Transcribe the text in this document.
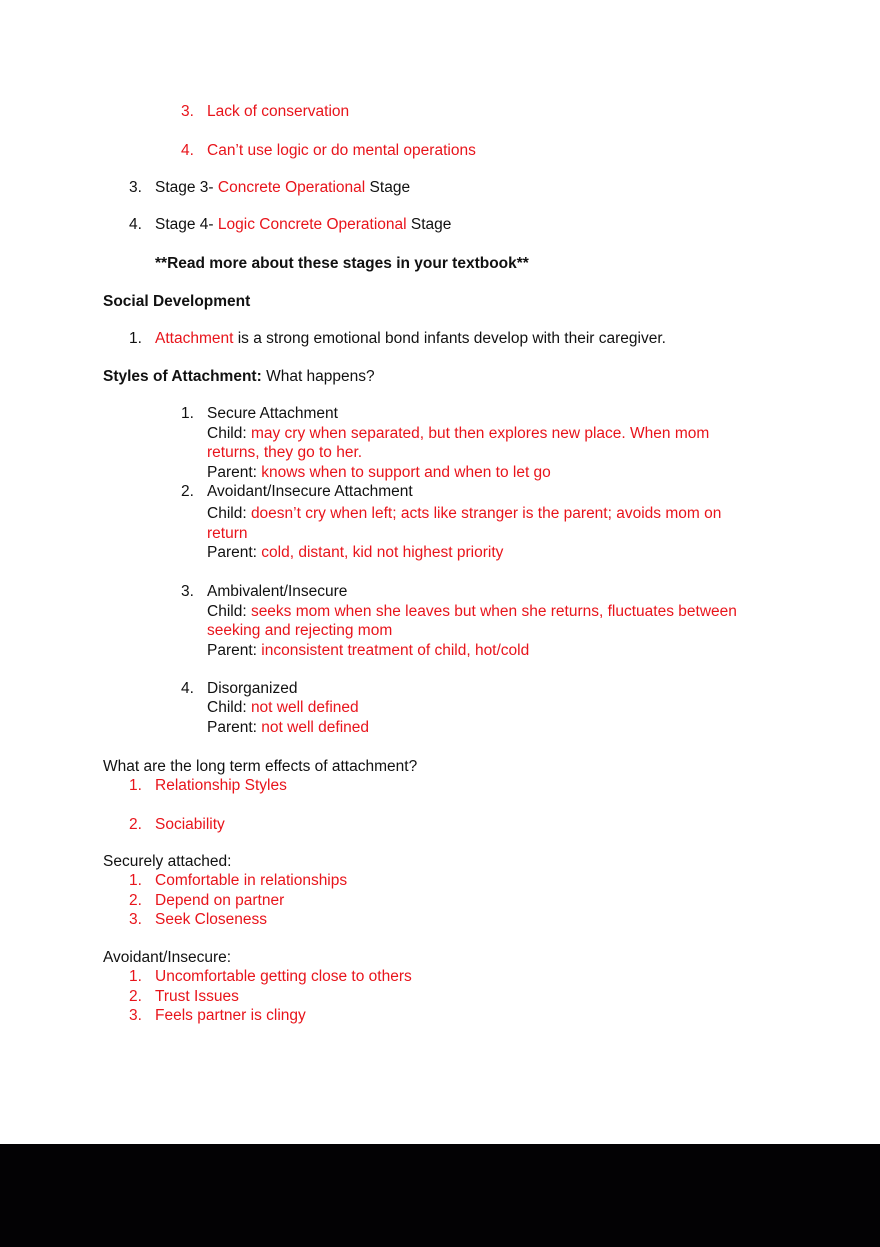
3. Lack of conservation
4. Can’t use logic or do mental operations
3. Stage 3- Concrete Operational Stage
4. Stage 4- Logic Concrete Operational Stage
**Read more about these stages in your textbook**
Social Development
1. Attachment is a strong emotional bond infants develop with their caregiver.
Styles of Attachment: What happens?
1. Secure Attachment
Child: may cry when separated, but then explores new place. When mom
returns, they go to her.
Parent: knows when to support and when to let go
2. Avoidant/Insecure Attachment
Child: doesn’t cry when left; acts like stranger is the parent; avoids mom on
return
Parent: cold, distant, kid not highest priority
3. Ambivalent/Insecure
Child: seeks mom when she leaves but when she returns, fluctuates between
seeking and rejecting mom
Parent: inconsistent treatment of child, hot/cold
4. Disorganized
Child: not well defined
Parent: not well defined
What are the long term effects of attachment?
1. Relationship Styles
2. Sociability
Securely attached:
1. Comfortable in relationships
2. Depend on partner
3. Seek Closeness
Avoidant/Insecure:
1. Uncomfortable getting close to others
2. Trust Issues
3. Feels partner is clingy
